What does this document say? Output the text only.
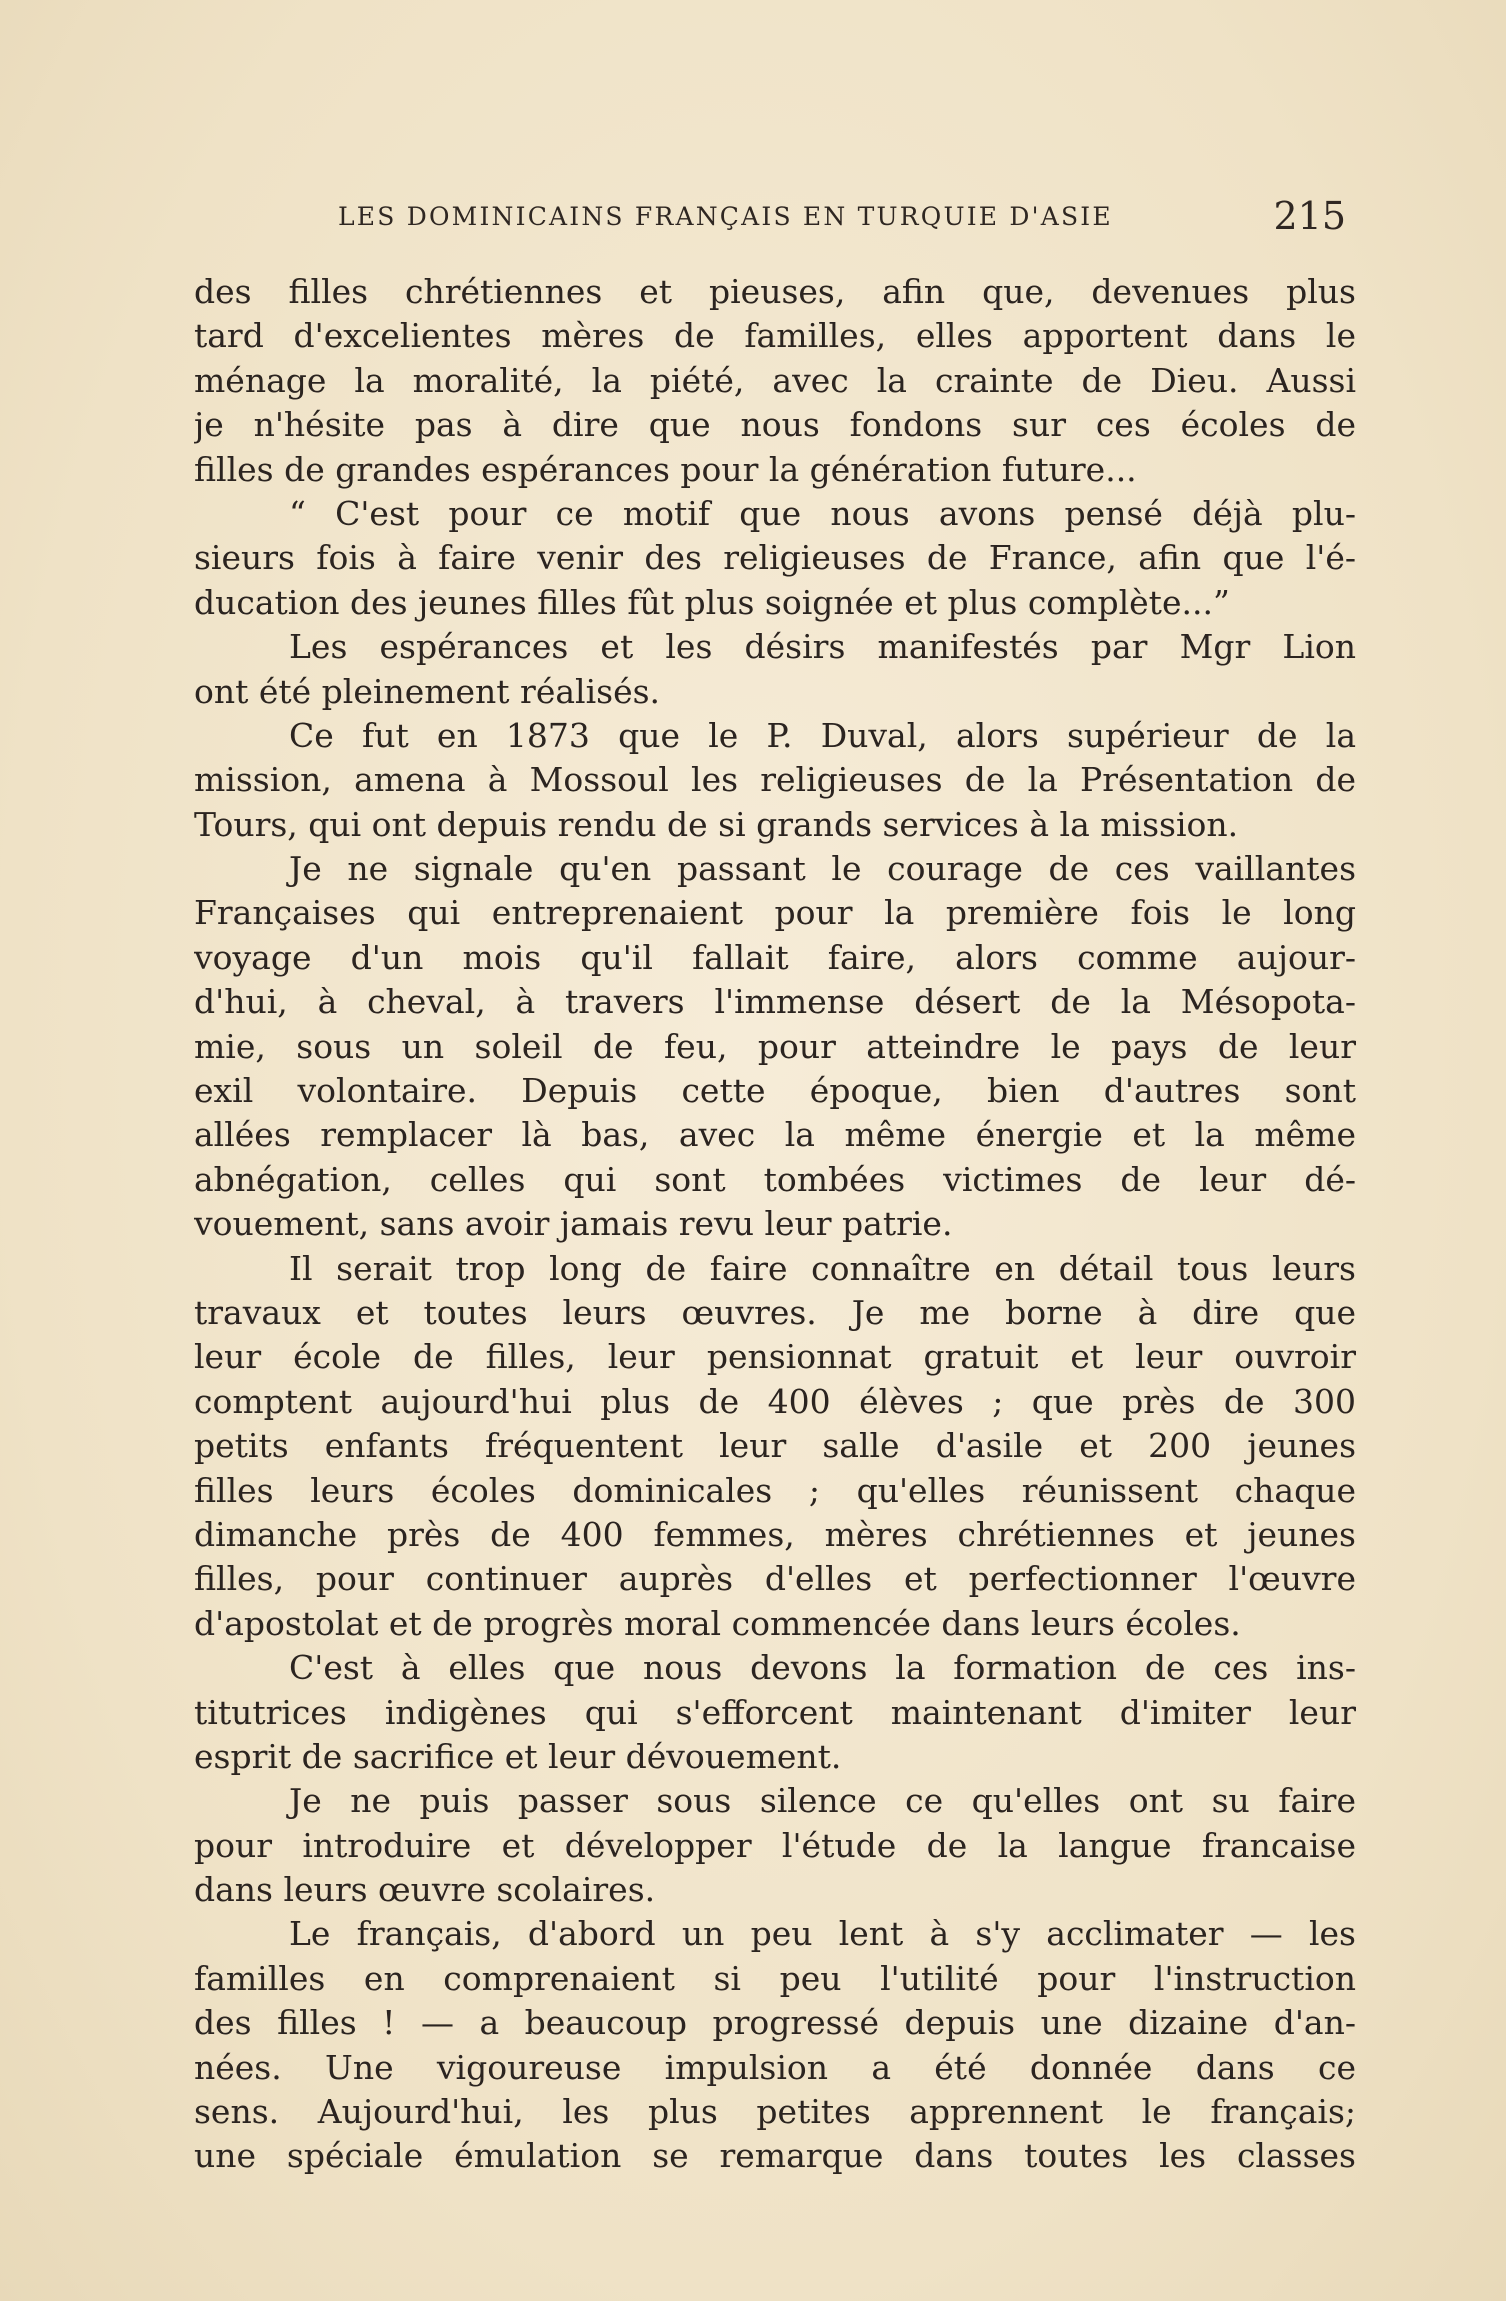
LES DOMINICAINS FRANÇAIS EN TURQUIE D'ASIE	215
des filles chrétiennes et pieuses, afin que, devenues plus
tard d'excelientes mères de familles, elles apportent dans le
ménage la moralité, la piété, avec la crainte de Dieu. Aussi
je n'hésite pas à dire que nous fondons sur ces écoles de
filles de grandes espérances pour la génération future...
“ C'est pour ce motif que nous avons pensé déjà plu-
sieurs fois à faire venir des religieuses de France, afin que l'é-
ducation des jeunes filles fût plus soignée et plus complète...”
Les espérances et les désirs manifestés par Mgr Lion
ont été pleinement réalisés.
Ce fut en 1873 que le P. Duval, alors supérieur de la
mission, amena à Mossoul les religieuses de la Présentation de
Tours, qui ont depuis rendu de si grands services à la mission.
Je ne signale qu'en passant le courage de ces vaillantes
Françaises qui entreprenaient pour la première fois le long
voyage d'un mois qu'il fallait faire, alors comme aujour-
d'hui, à cheval, à travers l'immense désert de la Mésopota-
mie, sous un soleil de feu, pour atteindre le pays de leur
exil volontaire. Depuis cette époque, bien d'autres sont
allées remplacer là bas, avec la même énergie et la même
abnégation, celles qui sont tombées victimes de leur dé-
vouement, sans avoir jamais revu leur patrie.
Il serait trop long de faire connaître en détail tous leurs
travaux et toutes leurs œuvres. Je me borne à dire que
leur école de filles, leur pensionnat gratuit et leur ouvroir
comptent aujourd'hui plus de 400 élèves ; que près de 300
petits enfants fréquentent leur salle d'asile et 200 jeunes
filles leurs écoles dominicales ; qu'elles réunissent chaque
dimanche près de 400 femmes, mères chrétiennes et jeunes
filles, pour continuer auprès d'elles et perfectionner l'œuvre
d'apostolat et de progrès moral commencée dans leurs écoles.
C'est à elles que nous devons la formation de ces ins-
titutrices indigènes qui s'efforcent maintenant d'imiter leur
esprit de sacrifice et leur dévouement.
Je ne puis passer sous silence ce qu'elles ont su faire
pour introduire et développer l'étude de la langue francaise
dans leurs œuvre scolaires.
Le français, d'abord un peu lent à s'y acclimater — les
familles en comprenaient si peu l'utilité pour l'instruction
des filles ! — a beaucoup progressé depuis une dizaine d'an-
nées. Une vigoureuse impulsion a été donnée dans ce
sens. Aujourd'hui, les plus petites apprennent le français;
une spéciale émulation se remarque dans toutes les classes
